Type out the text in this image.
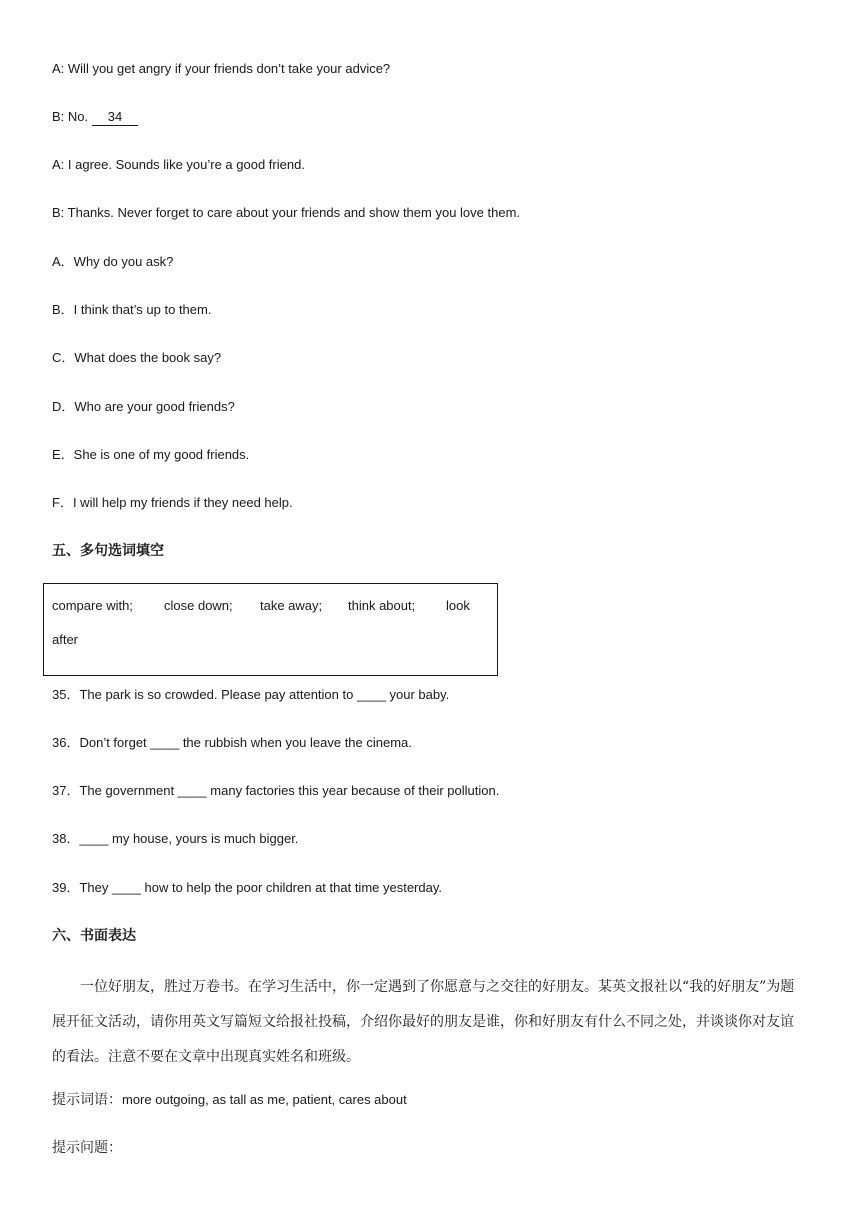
A: Will you get angry if your friends don’t take your advice?
B: No. 34
A: I agree. Sounds like you’re a good friend.
B: Thanks. Never forget to care about your friends and show them you love them.
A．Why do you ask?
B．I think that’s up to them.
C．What does the book say?
D．Who are your good friends?
E．She is one of my good friends.
F．I will help my friends if they need help.
五、多句选词填空
compare with; close down; take away; think about; look
after
35．The park is so crowded. Please pay attention to ____ your baby.
36．Don’t forget ____ the rubbish when you leave the cinema.
37．The government ____ many factories this year because of their pollution.
38．____ my house, yours is much bigger.
39．They ____ how to help the poor children at that time yesterday.
六、书面表达
一位好朋友，胜过万卷书。在学习生活中，你一定遇到了你愿意与之交往的好朋友。某英文报社以“我的好朋友”为题展开征文活动，请你用英文写篇短文给报社投稿，介绍你最好的朋友是谁，你和好朋友有什么不同之处，并谈谈你对友谊的看法。注意不要在文章中出现真实姓名和班级。
提示词语：more outgoing, as tall as me, patient, cares about
提示问题：
